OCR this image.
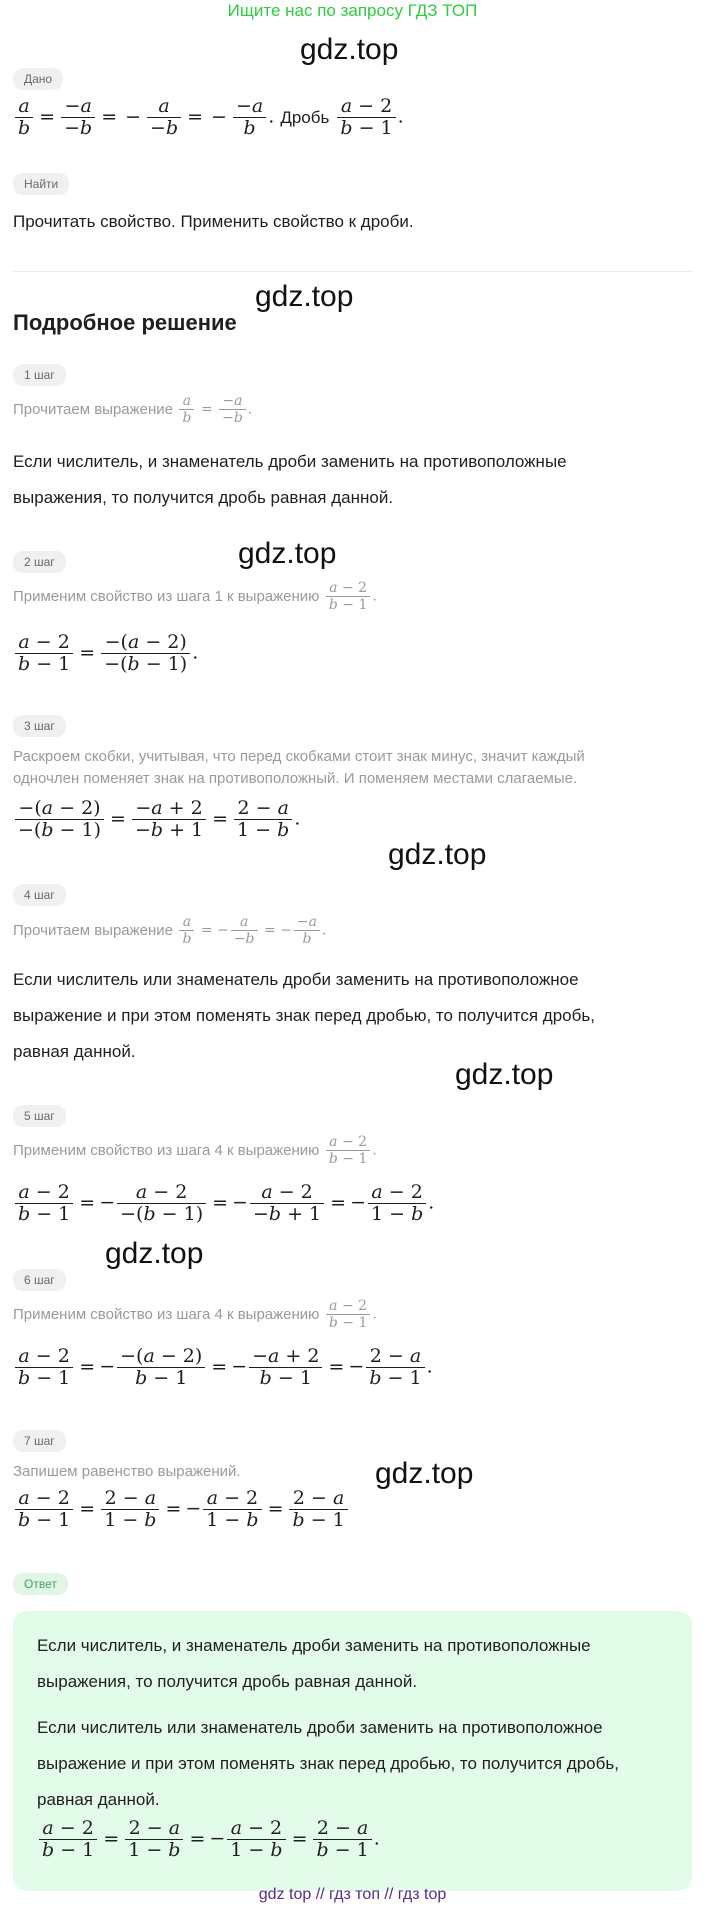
Ищите нас по запросу ГДЗ ТОП
gdz.top
gdz.top
gdz.top
gdz.top
gdz.top
gdz.top
gdz.top
Дано
$\frac{a}{b} = \frac{-a}{-b}$ = − $\frac{a}{-b}$ = − $\frac{-a}{b}$ . Дробь $\frac{a - 2}{b - 1}$ .
Найти
Прочитать свойство. Применить свойство к дроби.
Подробное решение
1 шаг
Прочитаем выражение $\frac{a}{b} = \frac{-a}{-b}$ .
Если числитель, и знаменатель дроби заменить на противоположные
выражения, то получится дробь равная данной.
2 шаг
Применим свойство из шага 1 к выражению $\frac{a - 2}{b - 1}$ .
$\frac{a - 2}{b - 1} = \frac{-(a - 2)}{-(b - 1)}$ .
3 шаг
Раскроем скобки, учитывая, что перед скобками стоит знак минус, значит каждый
одночлен поменяет знак на противоположный. И поменяем местами слагаемые.
$\frac{-(a - 2)}{-(b - 1)} = \frac{-a + 2}{-b + 1} = \frac{2 - a}{1 - b}$ .
4 шаг
Прочитаем выражение $\frac{a}{b}$ = − $\frac{a}{-b}$ = − $\frac{-a}{b}$ .
Если числитель или знаменатель дроби заменить на противоположное
выражение и при этом поменять знак перед дробью, то получится дробь,
равная данной.
5 шаг
Применим свойство из шага 4 к выражению $\frac{a - 2}{b - 1}$ .
$\frac{a - 2}{b - 1}$ = − $\frac{a - 2}{-(b - 1)}$ = − $\frac{a - 2}{-b + 1}$ = − $\frac{a - 2}{1 - b}$ .
6 шаг
Применим свойство из шага 4 к выражению $\frac{a - 2}{b - 1}$ .
$\frac{a - 2}{b - 1}$ = − $\frac{-(a - 2)}{b - 1}$ = − $\frac{-a + 2}{b - 1}$ = − $\frac{2 - a}{b - 1}$ .
7 шаг
Запишем равенство выражений.
$\frac{a - 2}{b - 1} = \frac{2 - a}{1 - b}$ = − $\frac{a - 2}{1 - b} = \frac{2 - a}{b - 1}$
Ответ
Если числитель, и знаменатель дроби заменить на противоположные
выражения, то получится дробь равная данной.
Если числитель или знаменатель дроби заменить на противоположное
выражение и при этом поменять знак перед дробью, то получится дробь,
равная данной.
$\frac{a - 2}{b - 1} = \frac{2 - a}{1 - b}$ = − $\frac{a - 2}{1 - b} = \frac{2 - a}{b - 1}$ .
gdz top // гдз топ // гдз top
